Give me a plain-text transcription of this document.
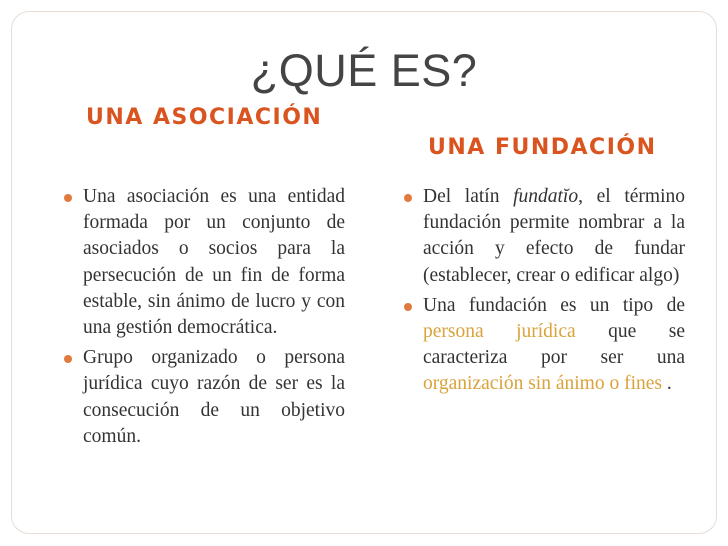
¿QUÉ ES?
UNA ASOCIACIÓN
UNA FUNDACIÓN
Una asociación es una entidad formada por un conjunto de asociados o socios para la persecución de un fin de forma estable, sin ánimo de lucro y con una gestión democrática.
Grupo organizado o persona jurídica cuyo razón de ser es la consecución de un objetivo común.
Del latín fundatĭo, el término fundación permite nombrar a la acción y efecto de fundar (establecer, crear o edificar algo)
Una fundación es un tipo de persona jurídica que se caracteriza por ser una organización sin ánimo o fines .
